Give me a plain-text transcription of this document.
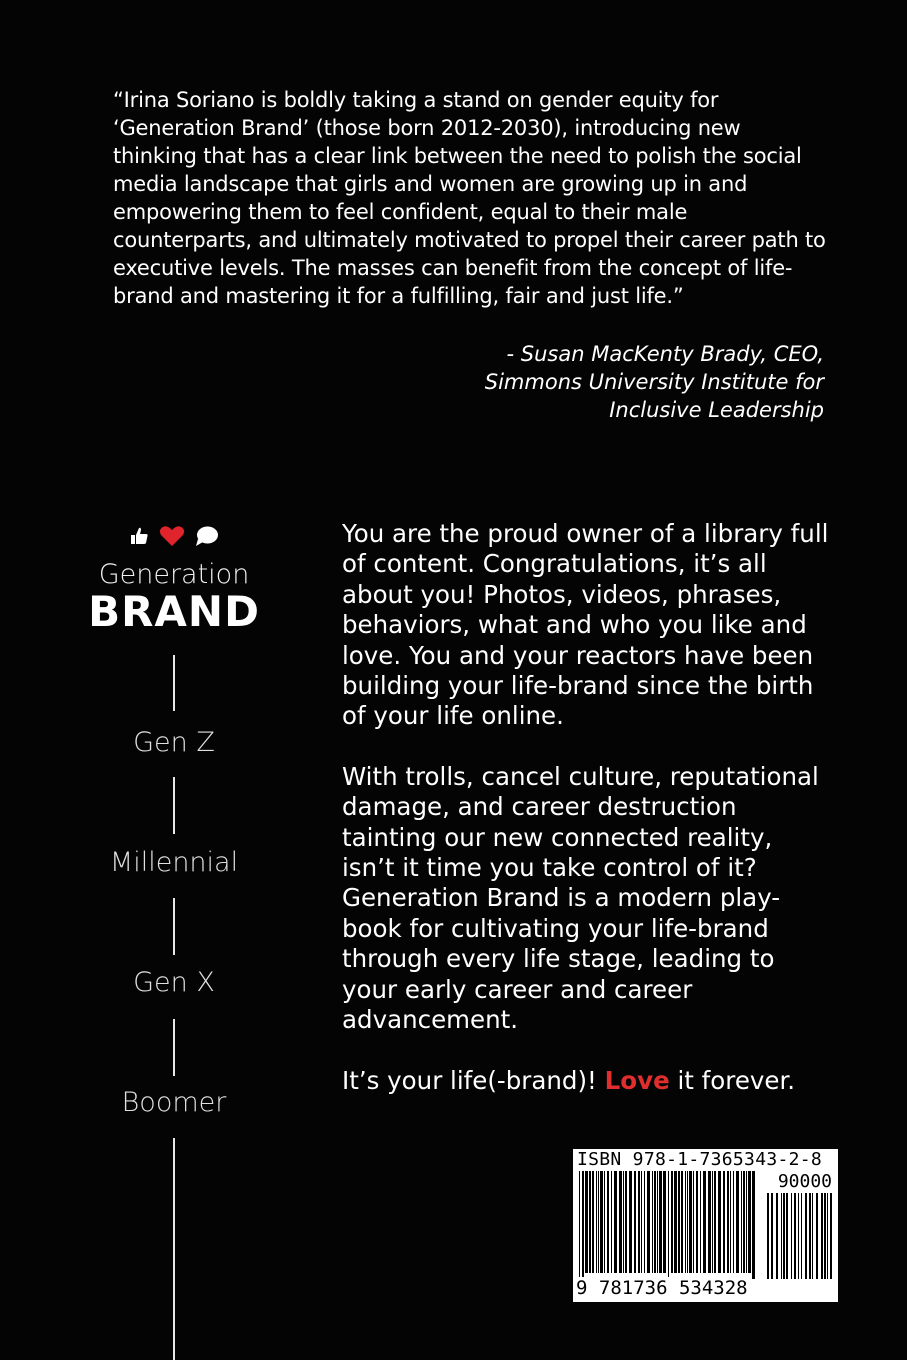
“Irina Soriano is boldly taking a stand on gender equity for ‘Generation Brand’ (those born 2012-2030), introducing new thinking that has a clear link between the need to polish the social media landscape that girls and women are growing up in and empowering them to feel confident, equal to their male counterparts, and ultimately motivated to propel their career path to executive levels. The masses can benefit from the concept of life-brand and mastering it for a fulfilling, fair and just life.”
- Susan MacKenty Brady, CEO,
Simmons University Institute for
Inclusive Leadership
Generation
BRAND
Gen Z
Millennial
Gen X
Boomer

You are the proud owner of a library full of content. Congratulations, it’s all about you! Photos, videos, phrases, behaviors, what and who you like and love. You and your reactors have been building your life-brand since the birth of your life online.

With trolls, cancel culture, reputational damage, and career destruction tainting our new connected reality, isn’t it time you take control of it? Generation Brand is a modern play-book for cultivating your life-brand through every life stage, leading to your early career and career advancement.

It’s your life(-brand)! Love it forever.

ISBN 978-1-7365343-2-8
90000
9 781736 534328
